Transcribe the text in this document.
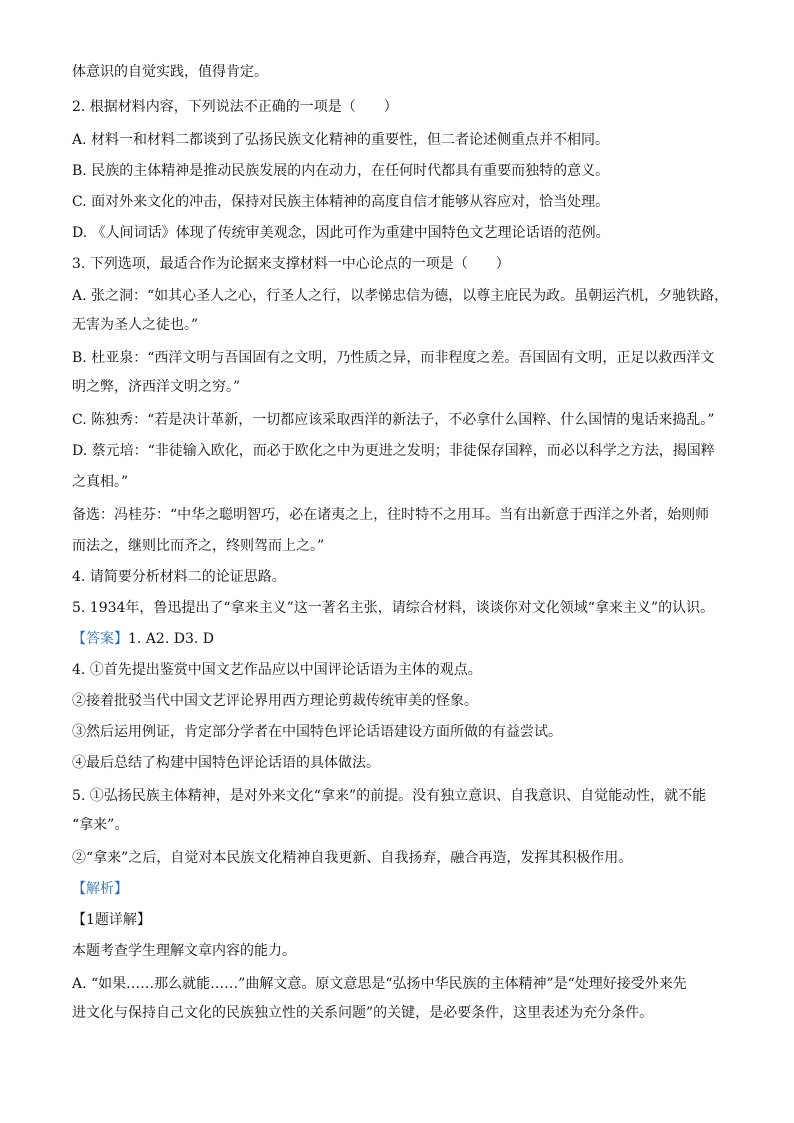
体意识的自觉实践，值得肯定。
2. 根据材料内容，下列说法不正确的一项是（　　）
A. 材料一和材料二都谈到了弘扬民族文化精神的重要性，但二者论述侧重点并不相同。
B. 民族的主体精神是推动民族发展的内在动力，在任何时代都具有重要而独特的意义。
C. 面对外来文化的冲击，保持对民族主体精神的高度自信才能够从容应对，恰当处理。
D. 《人间词话》体现了传统审美观念，因此可作为重建中国特色文艺理论话语的范例。
3. 下列选项，最适合作为论据来支撑材料一中心论点的一项是（　　）
A. 张之洞：“如其心圣人之心，行圣人之行，以孝悌忠信为德，以尊主庇民为政。虽朝运汽机，夕驰铁路，
无害为圣人之徒也。”
B. 杜亚泉：“西洋文明与吾国固有之文明，乃性质之异，而非程度之差。吾国固有文明，正足以救西洋文
明之弊，济西洋文明之穷。”
C. 陈独秀：“若是决计革新，一切都应该采取西洋的新法子，不必拿什么国粹、什么国情的鬼话来捣乱。”
D. 蔡元培：“非徒输入欧化，而必于欧化之中为更进之发明；非徒保存国粹，而必以科学之方法，揭国粹
之真相。”
备选：冯桂芬：“中华之聪明智巧，必在诸夷之上，往时特不之用耳。当有出新意于西洋之外者，始则师
而法之，继则比而齐之，终则驾而上之。”
4. 请简要分析材料二的论证思路。
5. 1934年，鲁迅提出了“拿来主义”这一著名主张，请综合材料，谈谈你对文化领域“拿来主义”的认识。
【答案】1. A2. D3. D
4. ①首先提出鉴赏中国文艺作品应以中国评论话语为主体的观点。
②接着批驳当代中国文艺评论界用西方理论剪裁传统审美的怪象。
③然后运用例证，肯定部分学者在中国特色评论话语建设方面所做的有益尝试。
④最后总结了构建中国特色评论话语的具体做法。
5. ①弘扬民族主体精神，是对外来文化“拿来”的前提。没有独立意识、自我意识、自觉能动性，就不能
“拿来”。
②“拿来”之后，自觉对本民族文化精神自我更新、自我扬弃，融合再造，发挥其积极作用。
【解析】
【1题详解】
本题考查学生理解文章内容的能力。
A. “如果……那么就能……”曲解文意。原文意思是“弘扬中华民族的主体精神”是“处理好接受外来先
进文化与保持自己文化的民族独立性的关系问题”的关键，是必要条件，这里表述为充分条件。
